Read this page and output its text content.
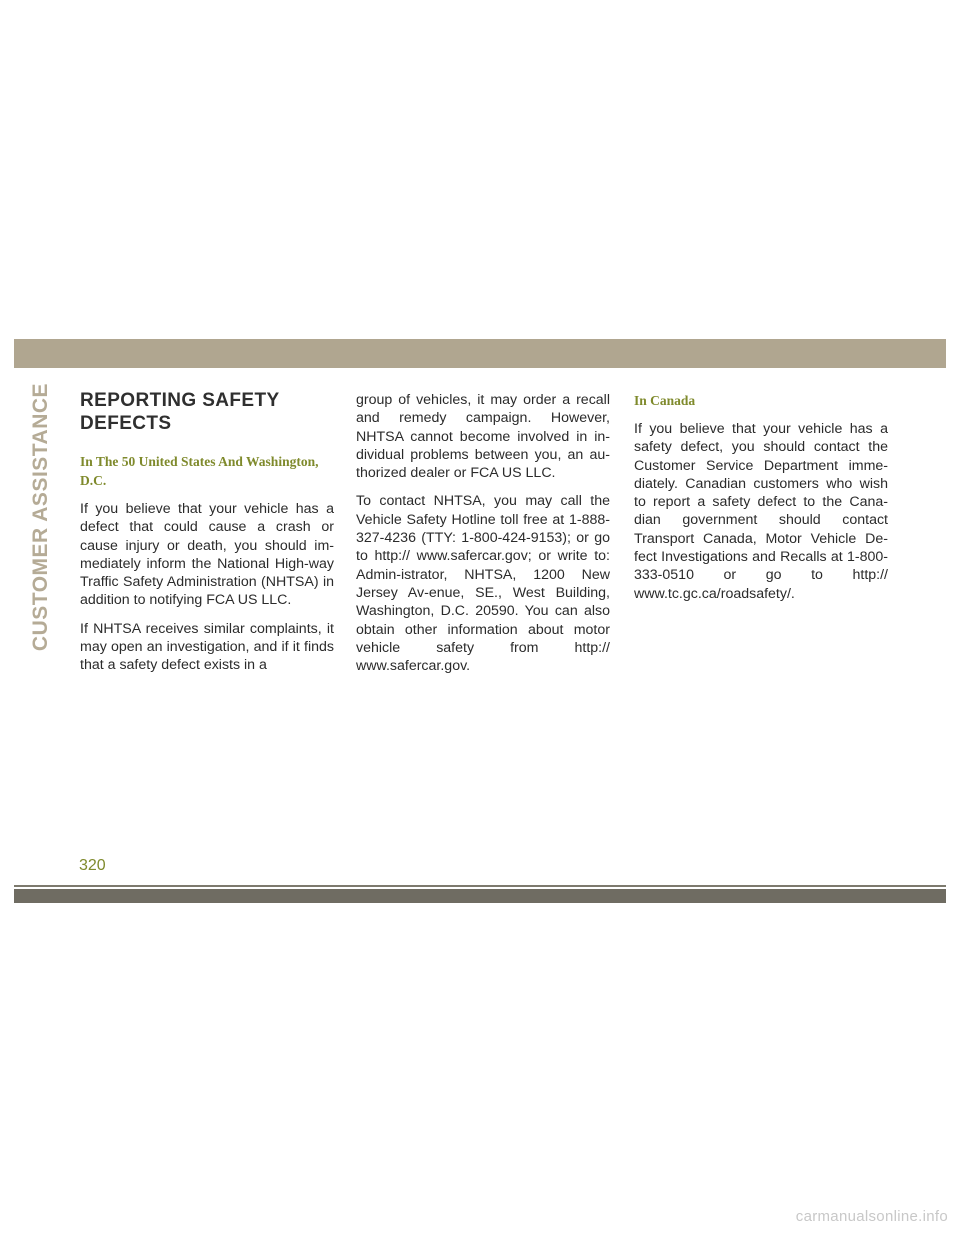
CUSTOMER ASSISTANCE REPORTING SAFETY DEFECTS
In The 50 United States And Washington, D.C.

If you believe that your vehicle has a defect that could cause a crash or cause injury or death, you should im-mediately inform the National High-way Traffic Safety Administration (NHTSA) in addition to notifying FCA US LLC.

If NHTSA receives similar complaints, it may open an investigation, and if it finds that a safety defect exists in a

group of vehicles, it may order a recall and remedy campaign. However, NHTSA cannot become involved in in-dividual problems between you, an au-thorized dealer or FCA US LLC.

To contact NHTSA, you may call the Vehicle Safety Hotline toll free at 1-888-327-4236 (TTY: 1-800-424-9153); or go to http:// www.safercar.gov; or write to: Admin-istrator, NHTSA, 1200 New Jersey Av-enue, SE., West Building, Washington, D.C. 20590. You can also obtain other information about motor vehicle safety from http:// www.safercar.gov.

In Canada

If you believe that your vehicle has a safety defect, you should contact the Customer Service Department imme-diately. Canadian customers who wish to report a safety defect to the Cana-dian government should contact Transport Canada, Motor Vehicle De-fect Investigations and Recalls at 1-800-333-0510 or go to http:// www.tc.gc.ca/roadsafety/.

320
carmanualsonline.info
